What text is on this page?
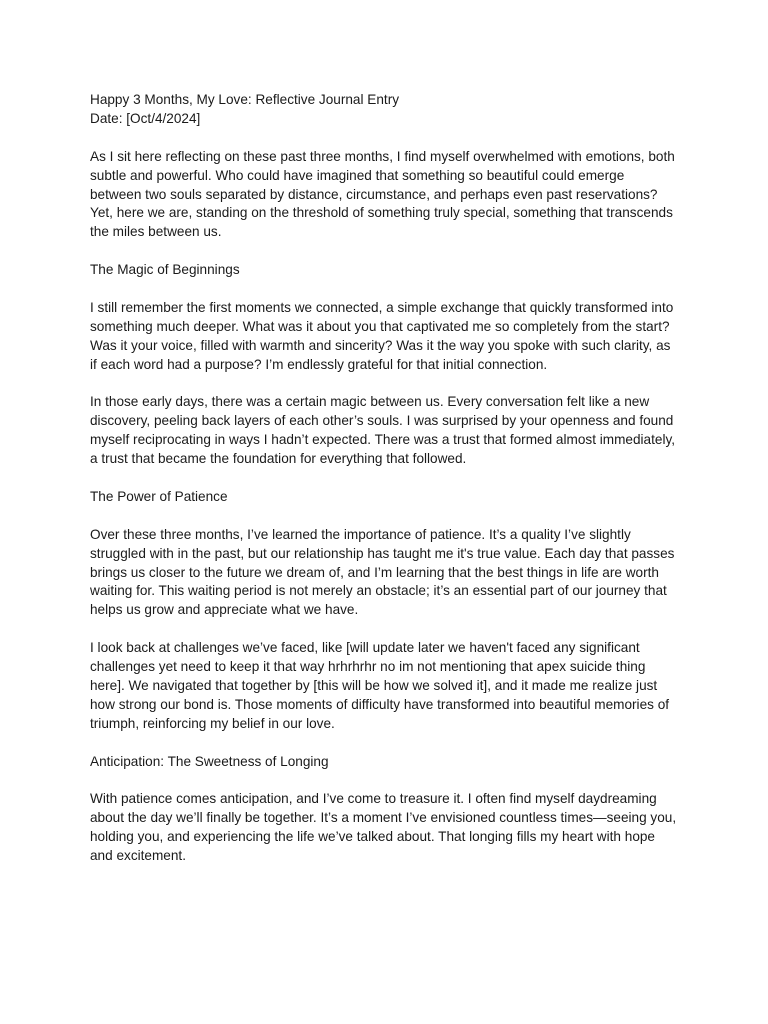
Happy 3 Months, My Love: Reflective Journal Entry
Date: [Oct/4/2024]

As I sit here reflecting on these past three months, I find myself overwhelmed with emotions, both subtle and powerful. Who could have imagined that something so beautiful could emerge between two souls separated by distance, circumstance, and perhaps even past reservations? Yet, here we are, standing on the threshold of something truly special, something that transcends the miles between us.

The Magic of Beginnings

I still remember the first moments we connected, a simple exchange that quickly transformed into something much deeper. What was it about you that captivated me so completely from the start? Was it your voice, filled with warmth and sincerity? Was it the way you spoke with such clarity, as if each word had a purpose? I’m endlessly grateful for that initial connection.

In those early days, there was a certain magic between us. Every conversation felt like a new discovery, peeling back layers of each other’s souls. I was surprised by your openness and found myself reciprocating in ways I hadn’t expected. There was a trust that formed almost immediately, a trust that became the foundation for everything that followed.

The Power of Patience

Over these three months, I’ve learned the importance of patience. It’s a quality I’ve slightly struggled with in the past, but our relationship has taught me it's true value. Each day that passes brings us closer to the future we dream of, and I’m learning that the best things in life are worth waiting for. This waiting period is not merely an obstacle; it’s an essential part of our journey that helps us grow and appreciate what we have.

I look back at challenges we’ve faced, like [will update later we haven't faced any significant challenges yet need to keep it that way hrhrhrhr no im not mentioning that apex suicide thing here]. We navigated that together by [this will be how we solved it], and it made me realize just how strong our bond is. Those moments of difficulty have transformed into beautiful memories of triumph, reinforcing my belief in our love.

Anticipation: The Sweetness of Longing

With patience comes anticipation, and I’ve come to treasure it. I often find myself daydreaming about the day we’ll finally be together. It’s a moment I’ve envisioned countless times—seeing you, holding you, and experiencing the life we’ve talked about. That longing fills my heart with hope and excitement.
